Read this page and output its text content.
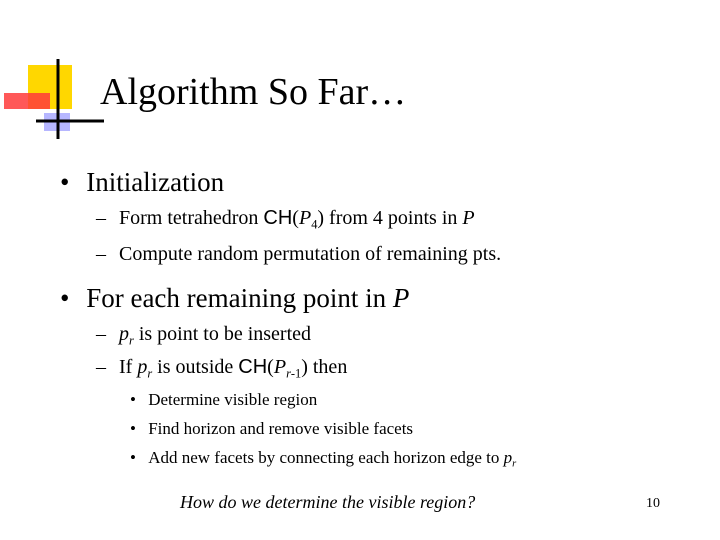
Algorithm So Far…
• Initialization
– Form tetrahedron $CH(P_4)$ from 4 points in P
– Compute random permutation of remaining pts.
• For each remaining point in P
– $p_r$ is point to be inserted
– If $p_r$ is outside $CH(P_{r-1})$ then
• Determine visible region
• Find horizon and remove visible facets
• Add new facets by connecting each horizon edge to $p_r$
How do we determine the visible region?	10
